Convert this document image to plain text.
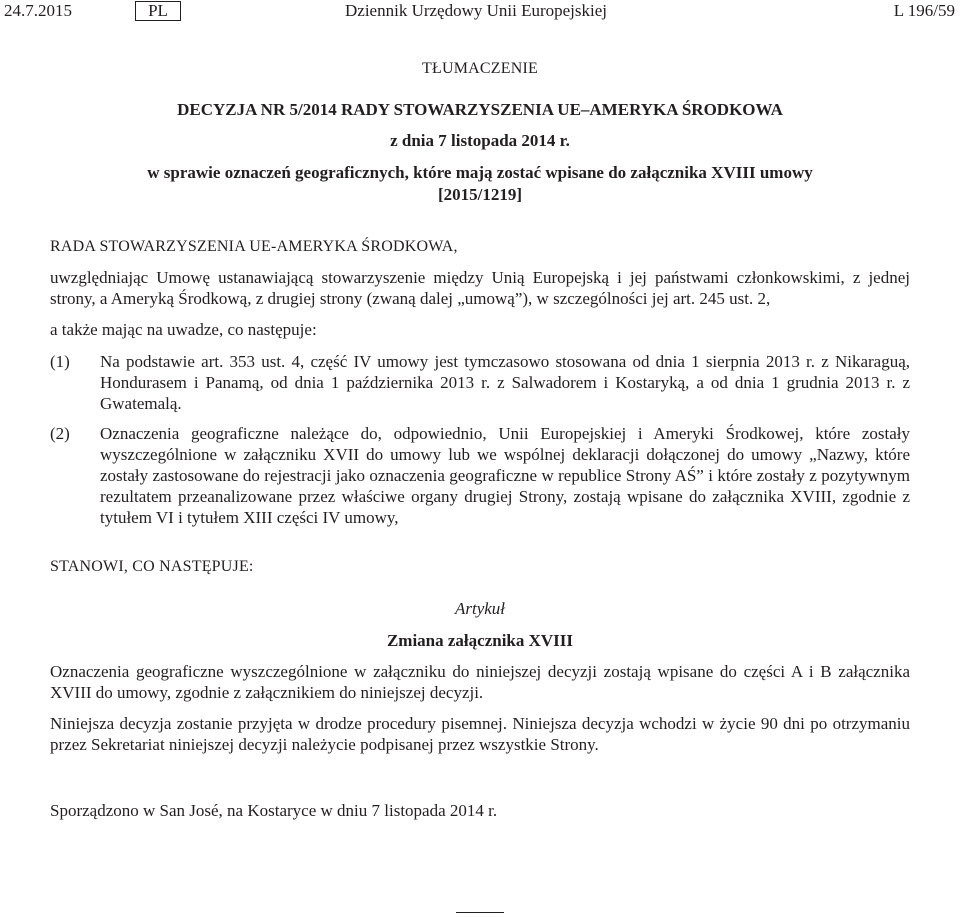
24.7.2015	PL	Dziennik Urzędowy Unii Europejskiej	L 196/59
TŁUMACZENIE
DECYZJA NR 5/2014 RADY STOWARZYSZENIA UE–AMERYKA ŚRODKOWA
z dnia 7 listopada 2014 r.
w sprawie oznaczeń geograficznych, które mają zostać wpisane do załącznika XVIII umowy
[2015/1219]
RADA STOWARZYSZENIA UE-AMERYKA ŚRODKOWA,
uwzględniając Umowę ustanawiającą stowarzyszenie między Unią Europejską i jej państwami członkowskimi, z jednej strony, a Ameryką Środkową, z drugiej strony (zwaną dalej „umową”), w szczególności jej art. 245 ust. 2,
a także mając na uwadze, co następuje:
(1)	Na podstawie art. 353 ust. 4, część IV umowy jest tymczasowo stosowana od dnia 1 sierpnia 2013 r. z Nikaraguą, Hondurasem i Panamą, od dnia 1 października 2013 r. z Salwadorem i Kostaryką, a od dnia 1 grudnia 2013 r. z Gwatemalą.
(2)	Oznaczenia geograficzne należące do, odpowiednio, Unii Europejskiej i Ameryki Środkowej, które zostały wyszczególnione w załączniku XVII do umowy lub we wspólnej deklaracji dołączonej do umowy „Nazwy, które zostały zastosowane do rejestracji jako oznaczenia geograficzne w republice Strony AŚ” i które zostały z pozytywnym rezultatem przeanalizowane przez właściwe organy drugiej Strony, zostają wpisane do załącznika XVIII, zgodnie z tytułem VI i tytułem XIII części IV umowy,
STANOWI, CO NASTĘPUJE:
Artykuł
Zmiana załącznika XVIII
Oznaczenia geograficzne wyszczególnione w załączniku do niniejszej decyzji zostają wpisane do części A i B załącznika XVIII do umowy, zgodnie z załącznikiem do niniejszej decyzji.
Niniejsza decyzja zostanie przyjęta w drodze procedury pisemnej. Niniejsza decyzja wchodzi w życie 90 dni po otrzymaniu przez Sekretariat niniejszej decyzji należycie podpisanej przez wszystkie Strony.
Sporządzono w San José, na Kostaryce w dniu 7 listopada 2014 r.
